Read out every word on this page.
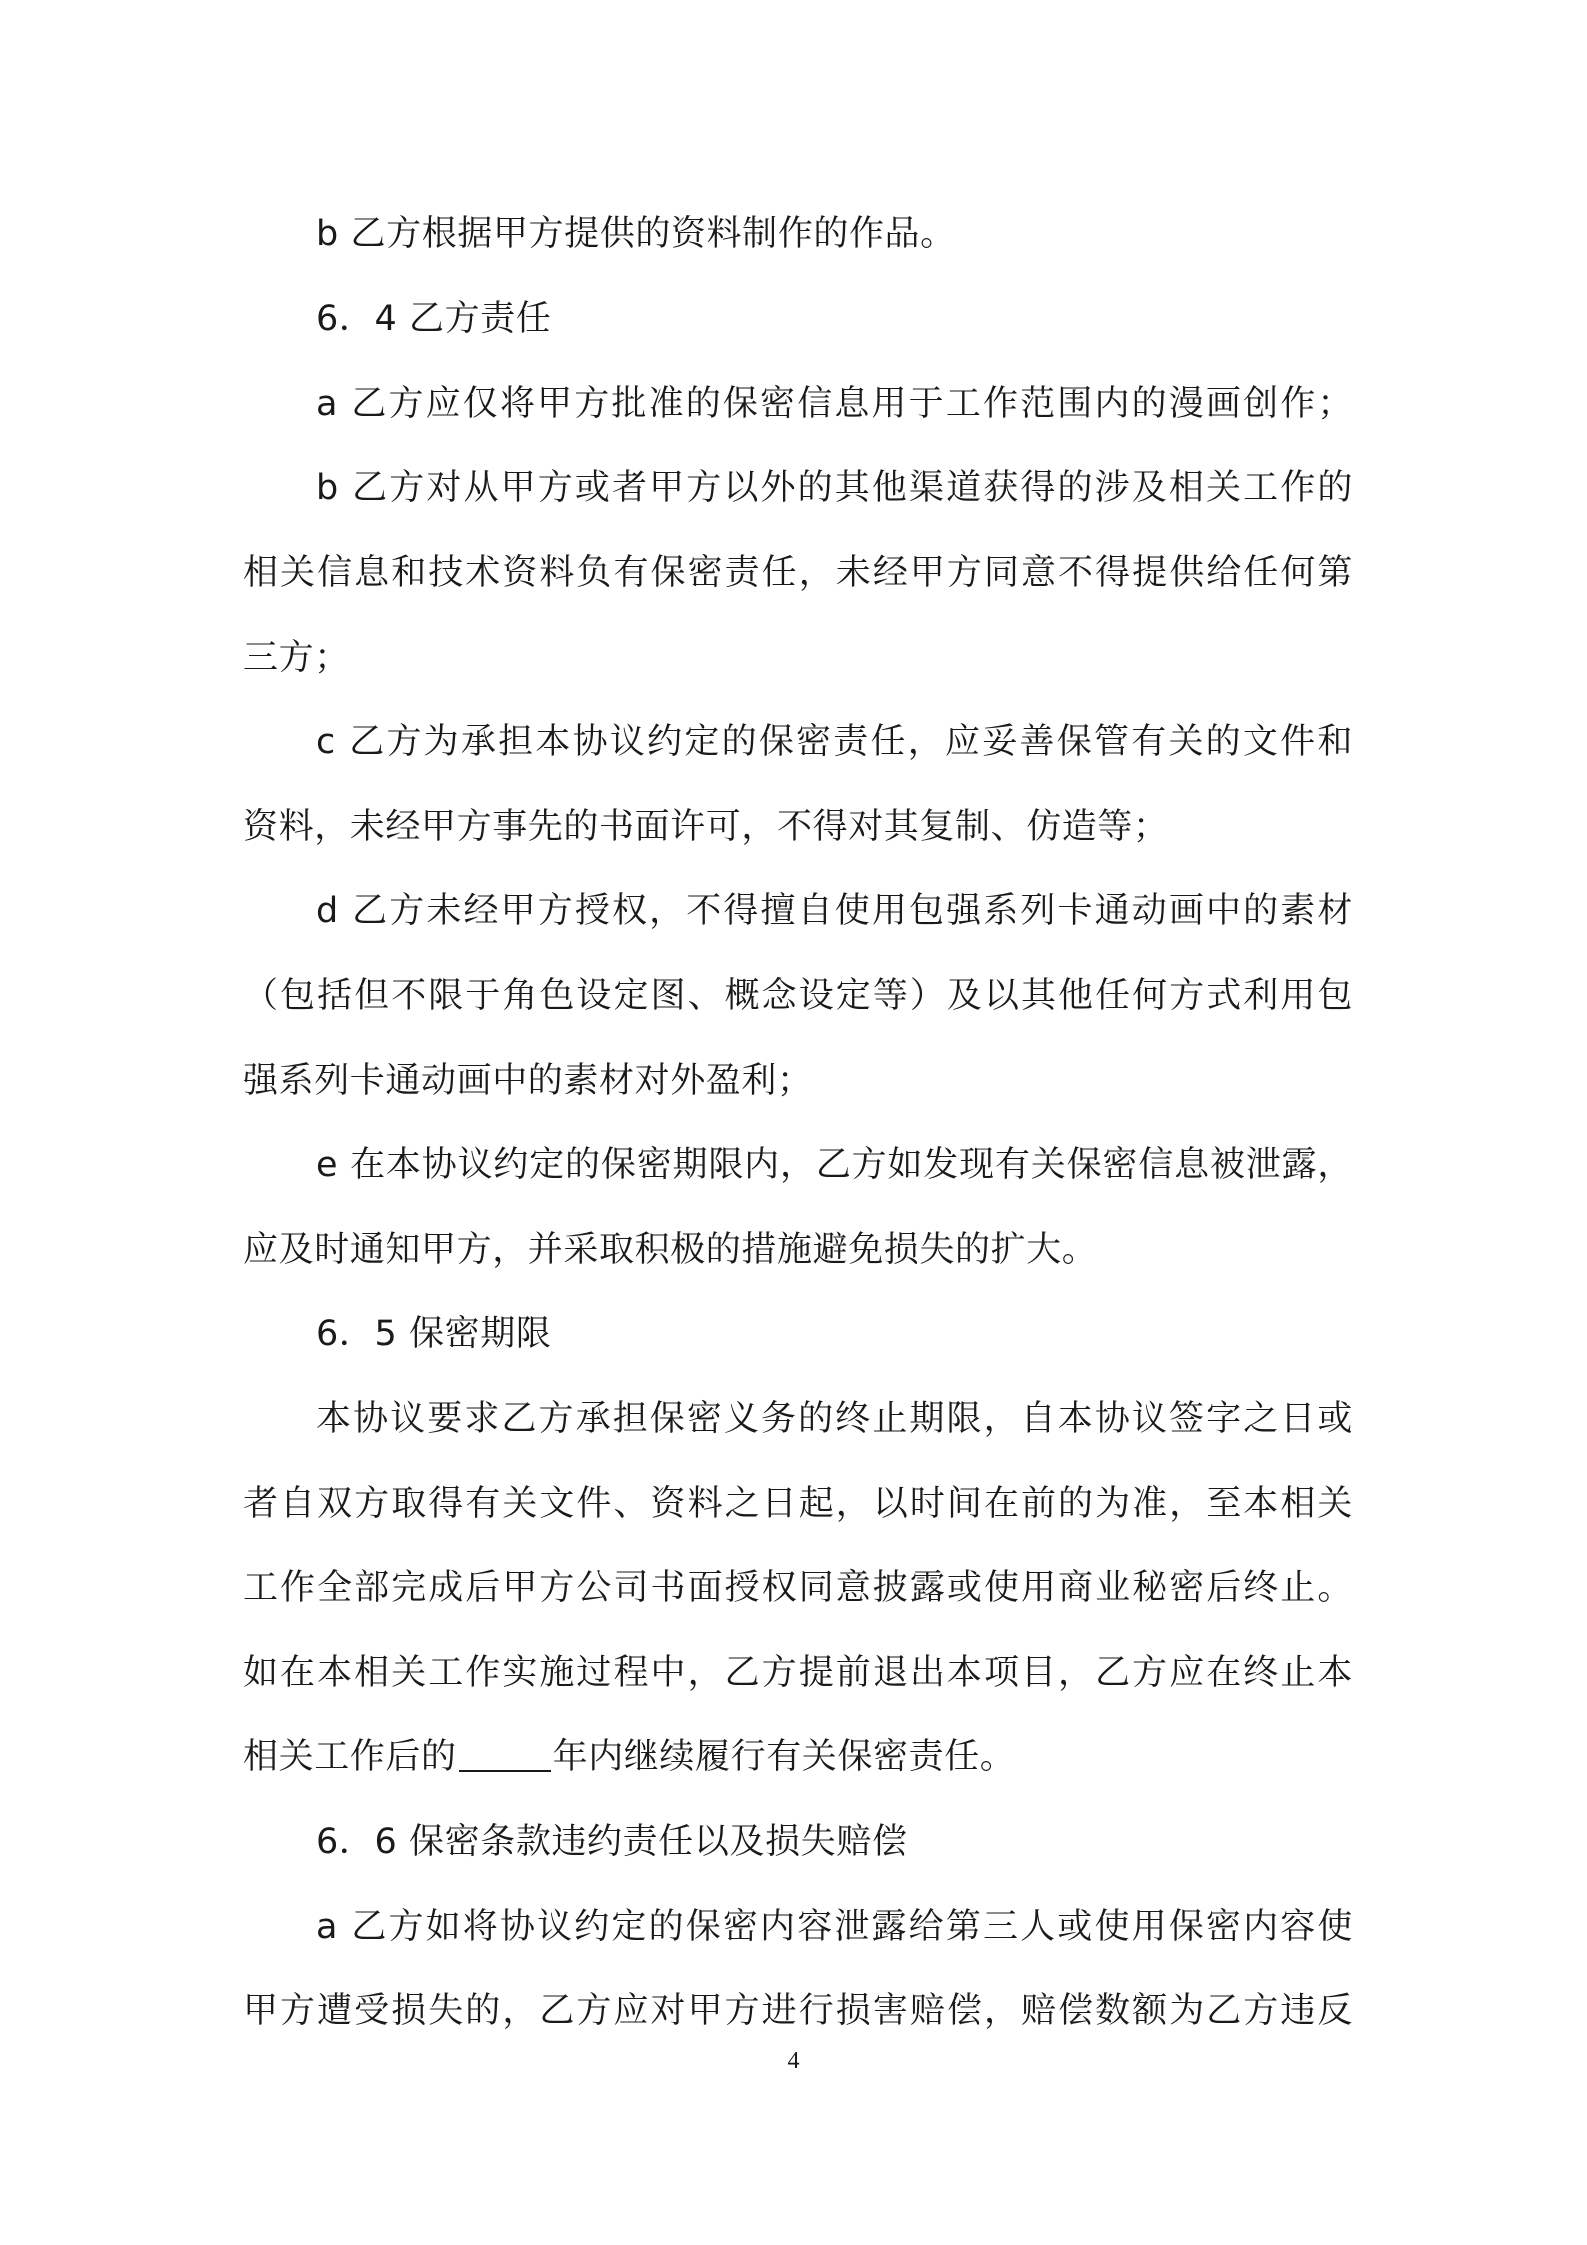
b 乙方根据甲方提供的资料制作的作品。
6．4 乙方责任
a 乙方应仅将甲方批准的保密信息用于工作范围内的漫画创作；
b 乙方对从甲方或者甲方以外的其他渠道获得的涉及相关工作的
相关信息和技术资料负有保密责任，未经甲方同意不得提供给任何第
三方；
c 乙方为承担本协议约定的保密责任，应妥善保管有关的文件和
资料，未经甲方事先的书面许可，不得对其复制、仿造等；
d 乙方未经甲方授权，不得擅自使用包强系列卡通动画中的素材
（包括但不限于角色设定图、概念设定等）及以其他任何方式利用包
强系列卡通动画中的素材对外盈利；
e 在本协议约定的保密期限内，乙方如发现有关保密信息被泄露，
应及时通知甲方，并采取积极的措施避免损失的扩大。
6．5 保密期限
本协议要求乙方承担保密义务的终止期限，自本协议签字之日或
者自双方取得有关文件、资料之日起，以时间在前的为准，至本相关
工作全部完成后甲方公司书面授权同意披露或使用商业秘密后终止。
如在本相关工作实施过程中，乙方提前退出本项目，乙方应在终止本
相关工作后的	年内继续履行有关保密责任。
6．6 保密条款违约责任以及损失赔偿
a 乙方如将协议约定的保密内容泄露给第三人或使用保密内容使
甲方遭受损失的，乙方应对甲方进行损害赔偿，赔偿数额为乙方违反
4
